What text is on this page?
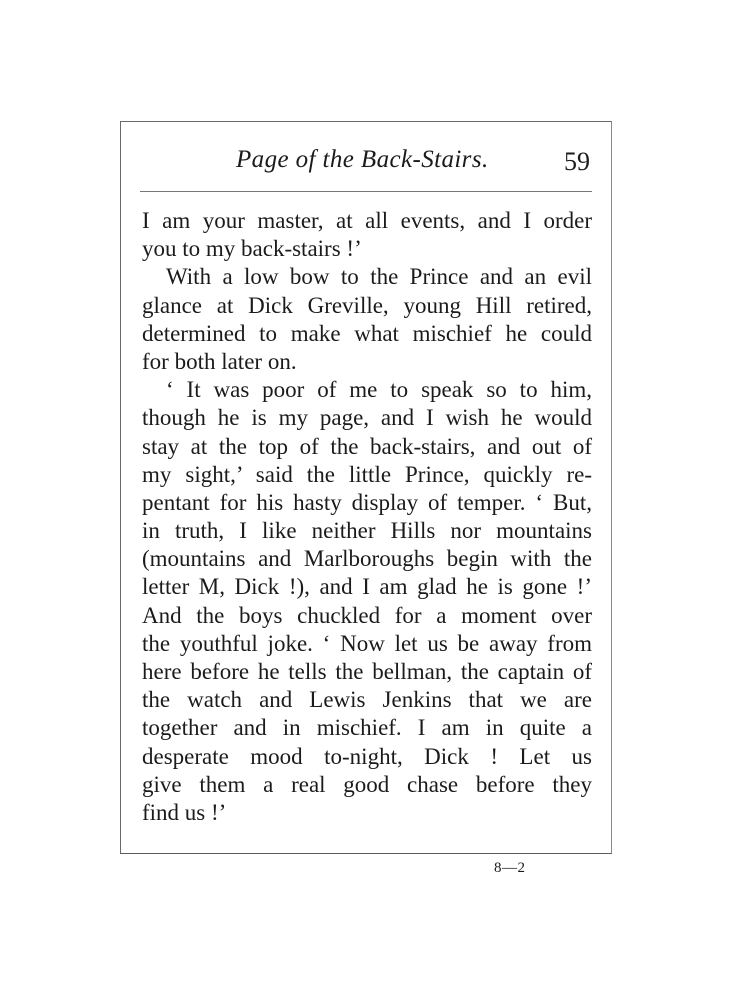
Page of the Back-Stairs.	59
I am your master, at all events, and I order
you to my back-stairs !’
With a low bow to the Prince and an evil
glance at Dick Greville, young Hill retired,
determined to make what mischief he could
for both later on.
‘ It was poor of me to speak so to him,
though he is my page, and I wish he would
stay at the top of the back-stairs, and out of
my sight,’ said the little Prince, quickly re-
pentant for his hasty display of temper. ‘ But,
in truth, I like neither Hills nor mountains
(mountains and Marlboroughs begin with the
letter M, Dick !), and I am glad he is gone !’
And the boys chuckled for a moment over
the youthful joke. ‘ Now let us be away from
here before he tells the bellman, the captain of
the watch and Lewis Jenkins that we are
together and in mischief. I am in quite a
desperate mood to-night, Dick ! Let us
give them a real good chase before they
find us !’
8—2
